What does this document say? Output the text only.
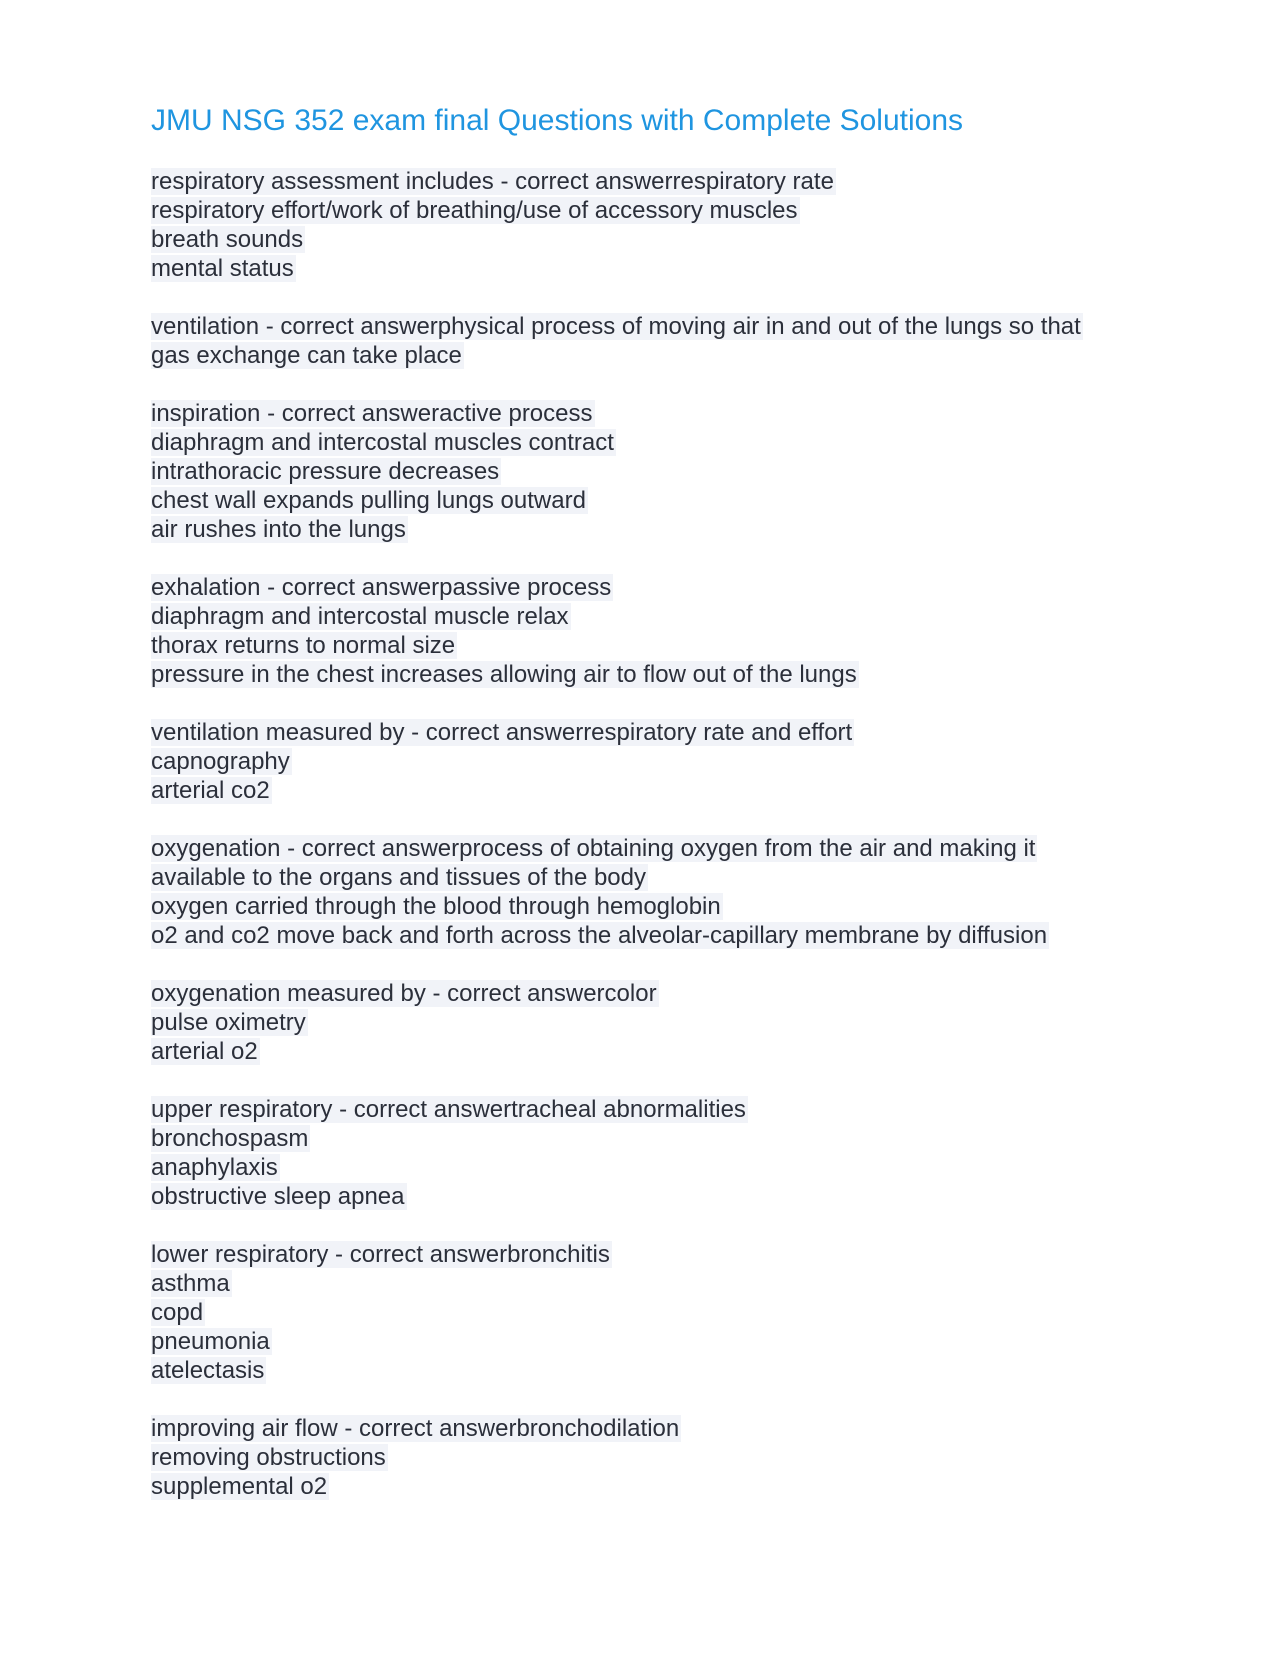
JMU NSG 352 exam final Questions with Complete Solutions
respiratory assessment includes - correct answerrespiratory rate
respiratory effort/work of breathing/use of accessory muscles
breath sounds
mental status
ventilation - correct answerphysical process of moving air in and out of the lungs so that
gas exchange can take place
inspiration - correct answeractive process
diaphragm and intercostal muscles contract
intrathoracic pressure decreases
chest wall expands pulling lungs outward
air rushes into the lungs
exhalation - correct answerpassive process
diaphragm and intercostal muscle relax
thorax returns to normal size
pressure in the chest increases allowing air to flow out of the lungs
ventilation measured by - correct answerrespiratory rate and effort
capnography
arterial co2
oxygenation - correct answerprocess of obtaining oxygen from the air and making it
available to the organs and tissues of the body
oxygen carried through the blood through hemoglobin
o2 and co2 move back and forth across the alveolar-capillary membrane by diffusion
oxygenation measured by - correct answercolor
pulse oximetry
arterial o2
upper respiratory - correct answertracheal abnormalities
bronchospasm
anaphylaxis
obstructive sleep apnea
lower respiratory - correct answerbronchitis
asthma
copd
pneumonia
atelectasis
improving air flow - correct answerbronchodilation
removing obstructions
supplemental o2
